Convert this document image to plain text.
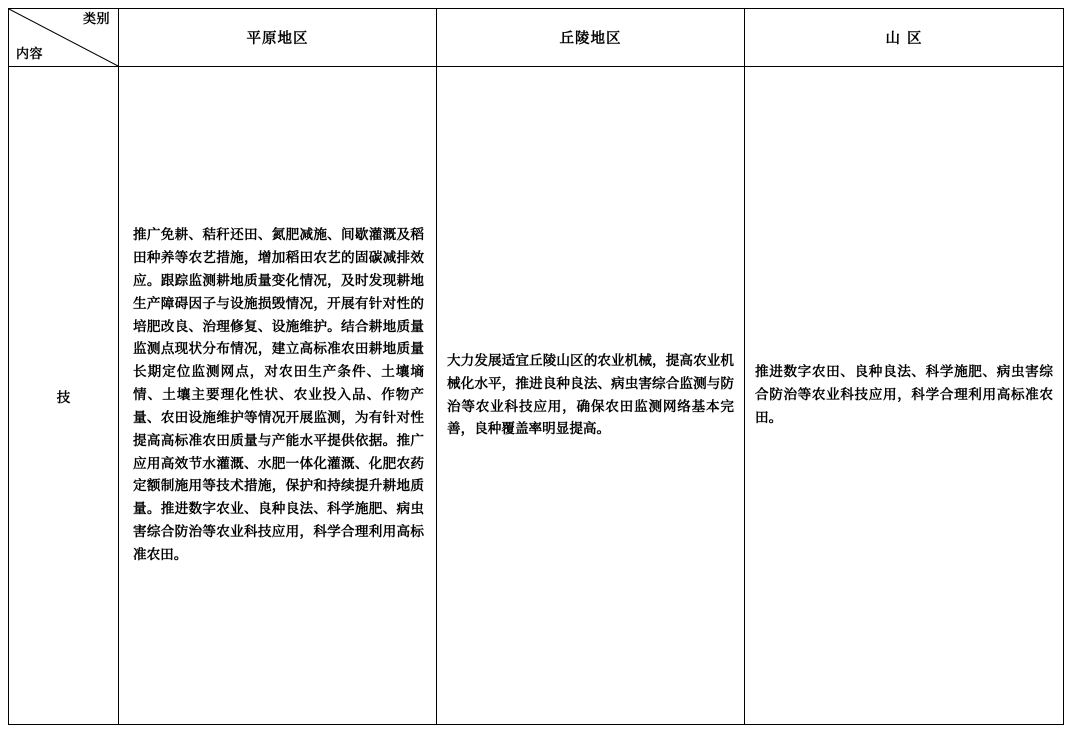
类别
内容	平原地区	丘陵地区	山 区
技	推广免耕、秸秆还田、氮肥减施、间歇灌溉及稻田种养等农艺措施，增加稻田农艺的固碳减排效应。跟踪监测耕地质量变化情况，及时发现耕地生产障碍因子与设施损毁情况，开展有针对性的培肥改良、治理修复、设施维护。结合耕地质量监测点现状分布情况，建立高标准农田耕地质量长期定位监测网点，对农田生产条件、土壤墒情、土壤主要理化性状、农业投入品、作物产量、农田设施维护等情况开展监测，为有针对性提高高标准农田质量与产能水平提供依据。推广应用高效节水灌溉、水肥一体化灌溉、化肥农药定额制施用等技术措施，保护和持续提升耕地质量。推进数字农业、良种良法、科学施肥、病虫害综合防治等农业科技应用，科学合理利用高标准农田。	大力发展适宜丘陵山区的农业机械，提高农业机械化水平，推进良种良法、病虫害综合监测与防治等农业科技应用，确保农田监测网络基本完善，良种覆盖率明显提高。	推进数字农田、良种良法、科学施肥、病虫害综合防治等农业科技应用，科学合理利用高标准农田。
